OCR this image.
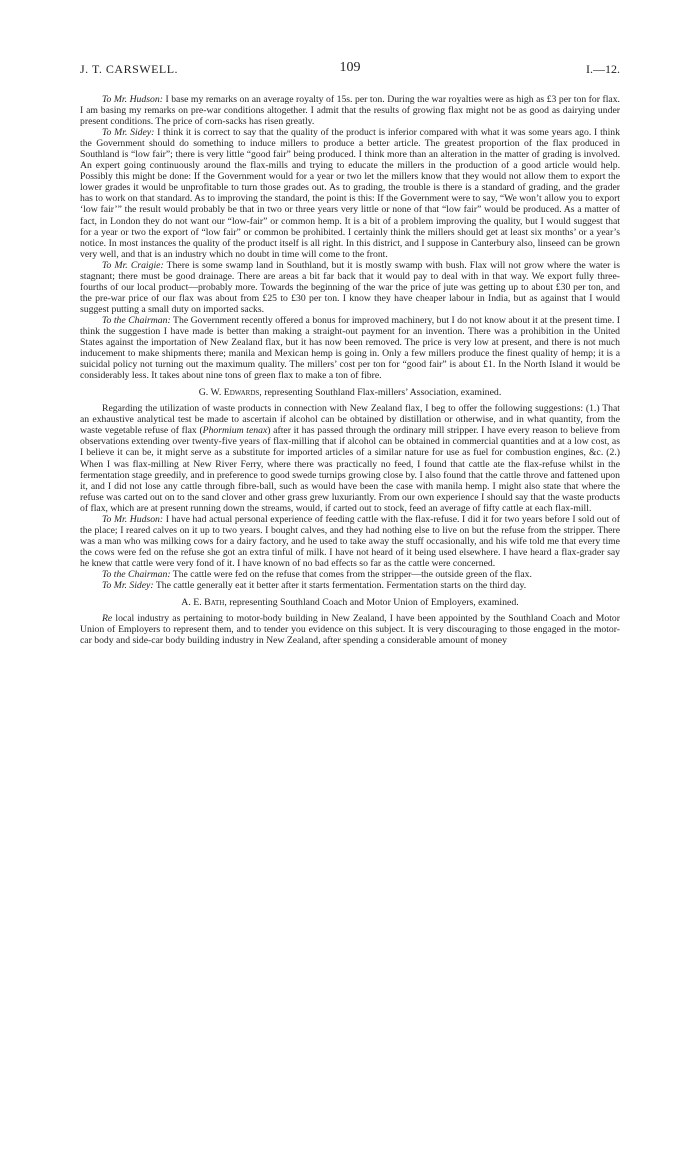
J. T. CARSWELL.	109	I.—12.

To Mr. Hudson: I base my remarks on an average royalty of 15s. per ton. During the war royalties were as high as £3 per ton for flax. I am basing my remarks on pre-war conditions altogether. I admit that the results of growing flax might not be as good as dairying under present conditions. The price of corn-sacks has risen greatly.

To Mr. Sidey: I think it is correct to say that the quality of the product is inferior compared with what it was some years ago. I think the Government should do something to induce millers to produce a better article. The greatest proportion of the flax produced in Southland is “low fair”; there is very little “good fair” being produced. I think more than an alteration in the matter of grading is involved. An expert going continuously around the flax-mills and trying to educate the millers in the production of a good article would help. Possibly this might be done: If the Government would for a year or two let the millers know that they would not allow them to export the lower grades it would be unprofitable to turn those grades out. As to grading, the trouble is there is a standard of grading, and the grader has to work on that standard. As to improving the standard, the point is this: If the Government were to say, “We won’t allow you to export ‘low fair’” the result would probably be that in two or three years very little or none of that “low fair” would be produced. As a matter of fact, in London they do not want our “low-fair” or common hemp. It is a bit of a problem improving the quality, but I would suggest that for a year or two the export of “low fair” or common be prohibited. I certainly think the millers should get at least six months’ or a year’s notice. In most instances the quality of the product itself is all right. In this district, and I suppose in Canterbury also, linseed can be grown very well, and that is an industry which no doubt in time will come to the front.

To Mr. Craigie: There is some swamp land in Southland, but it is mostly swamp with bush. Flax will not grow where the water is stagnant; there must be good drainage. There are areas a bit far back that it would pay to deal with in that way. We export fully three-fourths of our local product—probably more. Towards the beginning of the war the price of jute was getting up to about £30 per ton, and the pre-war price of our flax was about from £25 to £30 per ton. I know they have cheaper labour in India, but as against that I would suggest putting a small duty on imported sacks.

To the Chairman: The Government recently offered a bonus for improved machinery, but I do not know about it at the present time. I think the suggestion I have made is better than making a straight-out payment for an invention. There was a prohibition in the United States against the importation of New Zealand flax, but it has now been removed. The price is very low at present, and there is not much inducement to make shipments there; manila and Mexican hemp is going in. Only a few millers produce the finest quality of hemp; it is a suicidal policy not turning out the maximum quality. The millers’ cost per ton for “good fair” is about £1. In the North Island it would be considerably less. It takes about nine tons of green flax to make a ton of fibre.

G. W. Edwards, representing Southland Flax-millers’ Association, examined.

Regarding the utilization of waste products in connection with New Zealand flax, I beg to offer the following suggestions: (1.) That an exhaustive analytical test be made to ascertain if alcohol can be obtained by distillation or otherwise, and in what quantity, from the waste vegetable refuse of flax (Phormium tenax) after it has passed through the ordinary mill stripper. I have every reason to believe from observations extending over twenty-five years of flax-milling that if alcohol can be obtained in commercial quantities and at a low cost, as I believe it can be, it might serve as a substitute for imported articles of a similar nature for use as fuel for combustion engines, &c. (2.) When I was flax-milling at New River Ferry, where there was practically no feed, I found that cattle ate the flax-refuse whilst in the fermentation stage greedily, and in preference to good swede turnips growing close by. I also found that the cattle throve and fattened upon it, and I did not lose any cattle through fibre-ball, such as would have been the case with manila hemp. I might also state that where the refuse was carted out on to the sand clover and other grass grew luxuriantly. From our own experience I should say that the waste products of flax, which are at present running down the streams, would, if carted out to stock, feed an average of fifty cattle at each flax-mill.

To Mr. Hudson: I have had actual personal experience of feeding cattle with the flax-refuse. I did it for two years before I sold out of the place; I reared calves on it up to two years. I bought calves, and they had nothing else to live on but the refuse from the stripper. There was a man who was milking cows for a dairy factory, and he used to take away the stuff occasionally, and his wife told me that every time the cows were fed on the refuse she got an extra tinful of milk. I have not heard of it being used elsewhere. I have heard a flax-grader say he knew that cattle were very fond of it. I have known of no bad effects so far as the cattle were concerned.

To the Chairman: The cattle were fed on the refuse that comes from the stripper—the outside green of the flax.

To Mr. Sidey: The cattle generally eat it better after it starts fermentation. Fermentation starts on the third day.

A. E. Bath, representing Southland Coach and Motor Union of Employers, examined.

Re local industry as pertaining to motor-body building in New Zealand, I have been appointed by the Southland Coach and Motor Union of Employers to represent them, and to tender you evidence on this subject. It is very discouraging to those engaged in the motor-car body and side-car body building industry in New Zealand, after spending a considerable amount of money
